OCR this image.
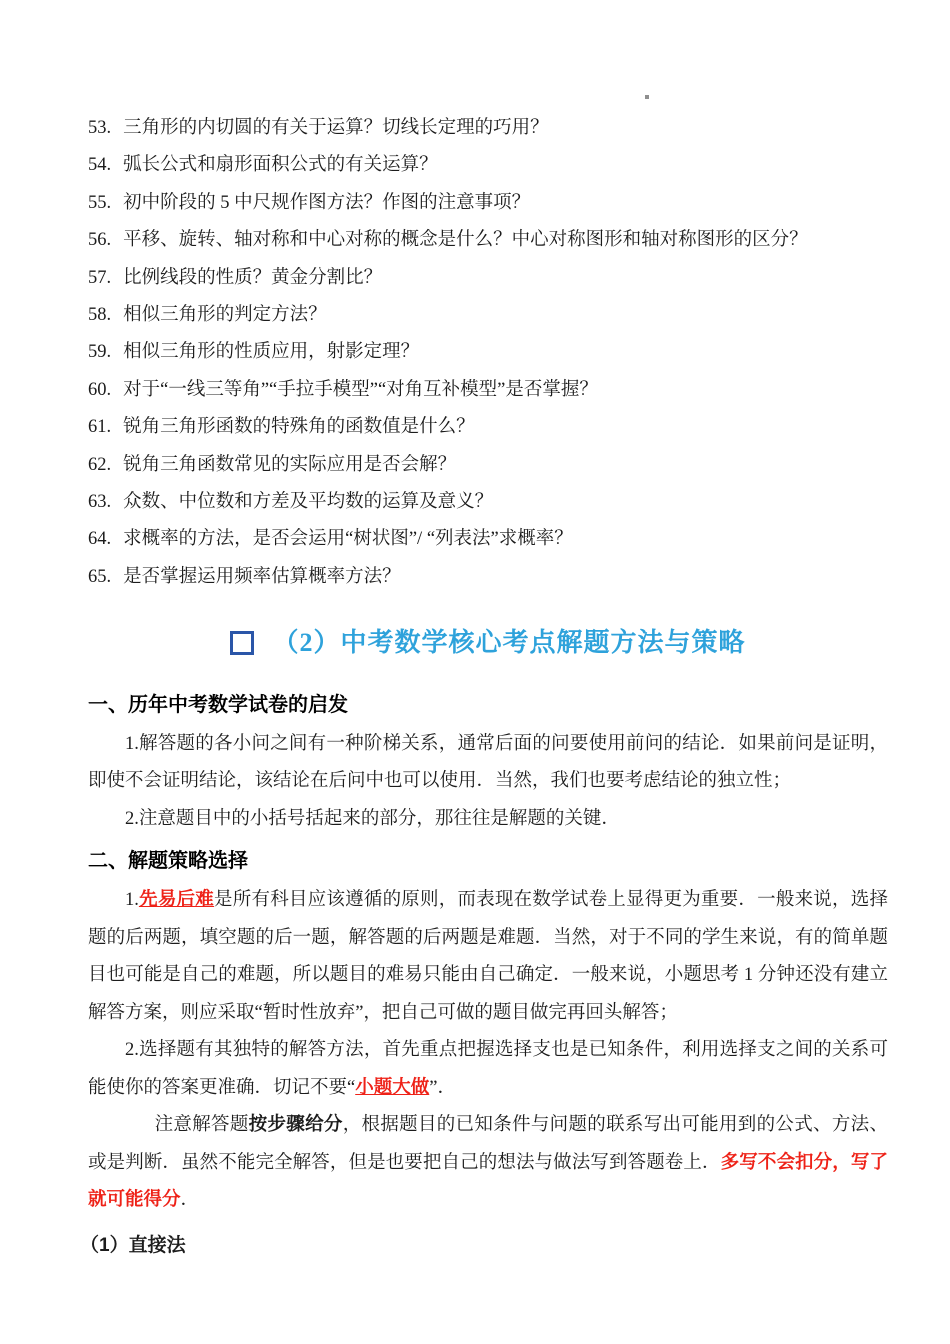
53. 三角形的内切圆的有关于运算？切线长定理的巧用？
54. 弧长公式和扇形面积公式的有关运算？
55. 初中阶段的 5 中尺规作图方法？作图的注意事项？
56. 平移、旋转、轴对称和中心对称的概念是什么？中心对称图形和轴对称图形的区分？
57. 比例线段的性质？黄金分割比？
58. 相似三角形的判定方法？
59. 相似三角形的性质应用，射影定理？
60. 对于“一线三等角”“手拉手模型”“对角互补模型”是否掌握？
61. 锐角三角形函数的特殊角的函数值是什么？
62. 锐角三角函数常见的实际应用是否会解？
63. 众数、中位数和方差及平均数的运算及意义？
64. 求概率的方法，是否会运用“树状图”/ “列表法”求概率？
65. 是否掌握运用频率估算概率方法？
（2）中考数学核心考点解题方法与策略
一、历年中考数学试卷的启发

1.解答题的各小问之间有一种阶梯关系，通常后面的问要使用前问的结论．如果前问是证明，即使不会证明结论，该结论在后问中也可以使用．当然，我们也要考虑结论的独立性；

2.注意题目中的小括号括起来的部分，那往往是解题的关键．

二、解题策略选择

1.先易后难是所有科目应该遵循的原则，而表现在数学试卷上显得更为重要．一般来说，选择题的后两题，填空题的后一题，解答题的后两题是难题．当然，对于不同的学生来说，有的简单题目也可能是自己的难题，所以题目的难易只能由自己确定．一般来说，小题思考 1 分钟还没有建立解答方案，则应采取“暂时性放弃”，把自己可做的题目做完再回头解答；

2.选择题有其独特的解答方法，首先重点把握选择支也是已知条件，利用选择支之间的关系可能使你的答案更准确．切记不要“小题大做”．

注意解答题按步骤给分，根据题目的已知条件与问题的联系写出可能用到的公式、方法、或是判断．虽然不能完全解答，但是也要把自己的想法与做法写到答题卷上．多写不会扣分，写了就可能得分．

（1）直接法
